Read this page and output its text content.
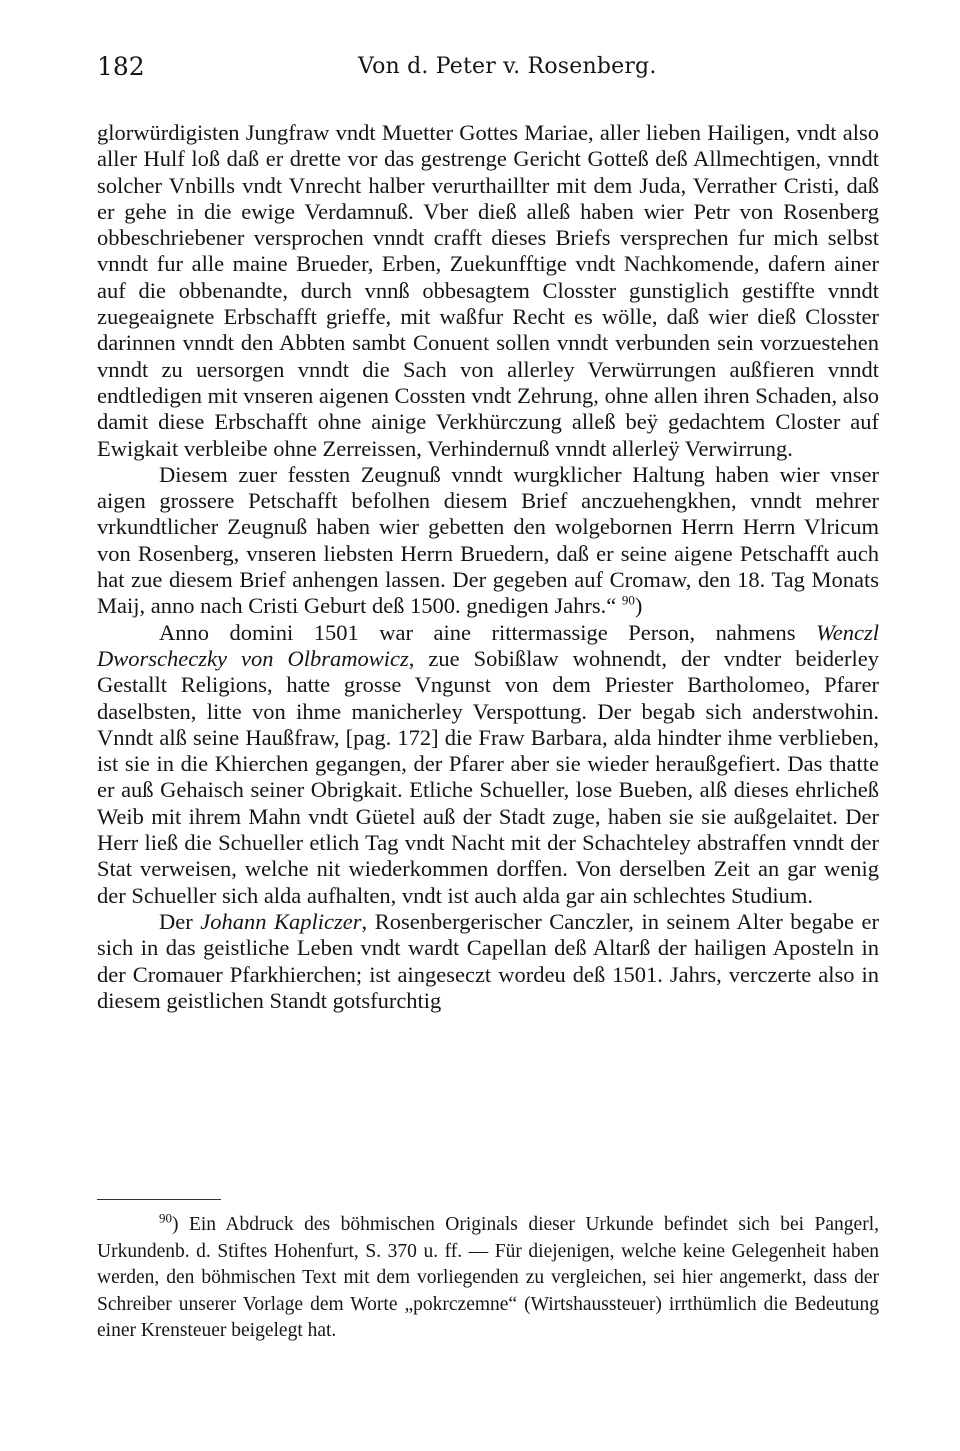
182	Von d. Peter v. Rosenberg.

glorwürdigisten Jungfraw vndt Muetter Gottes Mariae, aller lieben Hailigen, vndt also aller Hulf loß daß er drette vor das gestrenge Gericht Gotteß deß Allmechtigen, vnndt solcher Vnbills vndt Vnrecht halber verurthaillter mit dem Juda, Verrather Cristi, daß er gehe in die ewige Verdamnuß. Vber dieß alleß haben wier Petr von Rosenberg obbeschriebener versprochen vnndt crafft dieses Briefs versprechen fur mich selbst vnndt fur alle maine Brueder, Erben, Zuekunfftige vndt Nachkomende, dafern ainer auf die obbenandte, durch vnnß obbesagtem Closster gunstiglich gestiffte vnndt zuegeaignete Erbschafft grieffe, mit waßfur Recht es wölle, daß wier dieß Closster darinnen vnndt den Abbten sambt Conuent sollen vnndt verbunden sein vorzuestehen vnndt zu uersorgen vnndt die Sach von allerley Verwürrungen außfieren vnndt endtledigen mit vnseren aigenen Cossten vndt Zehrung, ohne allen ihren Schaden, also damit diese Erbschafft ohne ainige Verkhürczung alleß beÿ gedachtem Closter auf Ewigkait verbleibe ohne Zerreissen, Verhindernuß vnndt allerleÿ Verwirrung.

Diesem zuer fessten Zeugnuß vnndt wurgklicher Haltung haben wier vnser aigen grossere Petschafft befolhen diesem Brief anczuehengkhen, vnndt mehrer vrkundtlicher Zeugnuß haben wier gebetten den wolgebornen Herrn Herrn Vlricum von Rosenberg, vnseren liebsten Herrn Bruedern, daß er seine aigene Petschafft auch hat zue diesem Brief anhengen lassen. Der gegeben auf Cromaw, den 18. Tag Monats Maij, anno nach Cristi Geburt deß 1500. gnedigen Jahrs.“ $^{90}$)

Anno domini 1501 war aine rittermassige Person, nahmens Wenczl Dworscheczky von Olbramowicz, zue Sobißlaw wohnendt, der vndter beiderley Gestallt Religions, hatte grosse Vngunst von dem Priester Bartholomeo, Pfarer daselbsten, litte von ihme manicherley Verspottung. Der begab sich anderstwohin. Vnndt alß seine Haußfraw, [pag. 172] die Fraw Barbara, alda hindter ihme verblieben, ist sie in die Khierchen gegangen, der Pfarer aber sie wieder heraußgefiert. Das thatte er auß Gehaisch seiner Obrigkait. Etliche Schueller, lose Bueben, alß dieses ehrlicheß Weib mit ihrem Mahn vndt Güetel auß der Stadt zuge, haben sie sie außgelaitet. Der Herr ließ die Schueller etlich Tag vndt Nacht mit der Schachteley abstraffen vnndt der Stat verweisen, welche nit wiederkommen dorffen. Von derselben Zeit an gar wenig der Schueller sich alda aufhalten, vndt ist auch alda gar ain schlechtes Studium.

Der Johann Kapliczer, Rosenbergerischer Canczler, in seinem Alter begabe er sich in das geistliche Leben vndt wardt Capellan deß Altarß der hailigen Aposteln in der Cromauer Pfarkhierchen; ist aingeseczt wordeu deß 1501. Jahrs, verczerte also in diesem geistlichen Standt gotsfurchtig

$^{90}$) Ein Abdruck des böhmischen Originals dieser Urkunde befindet sich bei Pangerl, Urkundenb. d. Stiftes Hohenfurt, S. 370 u. ff. — Für diejenigen, welche keine Gelegenheit haben werden, den böhmischen Text mit dem vorliegenden zu vergleichen, sei hier angemerkt, dass der Schreiber unserer Vorlage dem Worte „pokrczemne“ (Wirtshaussteuer) irrthümlich die Bedeutung einer Krensteuer beigelegt hat.
